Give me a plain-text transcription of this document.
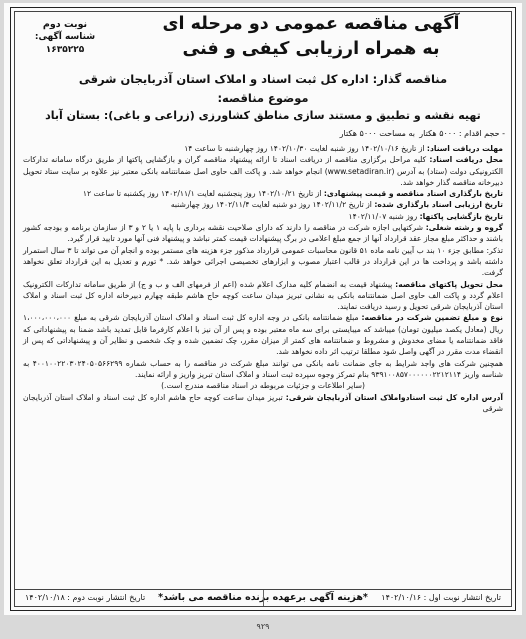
نوبت دوم
شناسه آگهی: ۱۶۳۵۲۲۵
آگهی مناقصه عمومی دو مرحله ای
به همراه ارزیابی کیفی و فنی
مناقصه گذار: اداره کل ثبت اسناد و املاک استان آذربایجان شرقی
موضوع مناقصه:
تهیه نقشه و تطبیق و مستند سازی مناطق کشاورزی (زراعی و باغی): بستان آباد
- حجم اقدام : ۵۰۰۰ هکتار
به مساحت ۵۰۰۰ هکتار

مهلت دریافت اسناد: از تاریخ ۱۴۰۲/۱۰/۱۶ روز شنبه لغایت ۱۴۰۲/۱۰/۳۰ روز چهارشنبه تا ساعت ۱۴

محل دریافت اسناد: کلیه مراحل برگزاری مناقصه از دریافت اسناد تا ارائه پیشنهاد مناقصه گران و بازگشایی پاکتها از طریق درگاه سامانه تدارکات الکترونیکی دولت (ستاد) به آدرس (www.setadiran.ir) انجام خواهد شد. و پاکت الف حاوی اصل ضمانتنامه بانکی معتبر نیز علاوه بر سایت ستاد تحویل دبیرخانه مناقصه گذار خواهد شد.

تاریخ بارگذاری اسناد مناقصه و قیمت پیشنهادی: از تاریخ ۱۴۰۲/۱۰/۲۱ روز پنجشنبه لغایت ۱۴۰۲/۱۱/۱ روز یکشنبه تا ساعت ۱۲

تاریخ ارزیابی اسناد بارگذاری شده: از تاریخ ۱۴۰۲/۱۱/۲ روز دو شنبه لغایت ۱۴۰۲/۱۱/۴ روز چهارشنبه

تاریخ بازگشایی پاکتها: روز شنبه ۱۴۰۲/۱۱/۰۷

گروه و رشته شغلی: شرکتهایی اجازه شرکت در مناقصه را دارند که دارای صلاحیت نقشه برداری با پایه ۱ یا ۲ و ۳ از سازمان برنامه و بودجه کشور باشند و حداکثر مبلغ مجاز عقد قرارداد آنها از جمع مبلغ اعلامی در برگ پیشنهادات قیمت کمتر نباشد و پیشنهاد فنی آنها مورد تایید قرار گیرد.

تذکر: مطابق جزء ۱۰ بند ب آیین نامه ماده ۵۱ قانون محاسبات عمومی قرارداد مذکور جزء هزینه های مستمر بوده و انجام آن می تواند تا ۳ سال استمرار داشته باشد و پرداخت ها در این قرارداد در قالب اعتبار مصوب و ابزارهای تخصیصی اجرائی خواهد شد. * تورم و تعدیل به این قرارداد تعلق نخواهد گرفت.

محل تحویل پاکتهای مناقصه: پیشنهاد قیمت به انضمام کلیه مدارک اعلام شده (اعم از فرمهای الف و ب و ج) از طریق سامانه تدارکات الکترونیک اعلام گردد و پاکت الف حاوی اصل ضمانتنامه بانکی به نشانی تبریز میدان ساعت کوچه حاج هاشم طبقه چهارم دبیرخانه اداره کل ثبت اسناد و املاک استان آذربایجان شرقی تحویل و رسید دریافت نمایند.

نوع و مبلغ تضمین شرکت در مناقصه: مبلغ ضمانتنامه بانکی در وجه اداره کل ثبت اسناد و املاک استان آذربایجان شرقی به مبلغ ۱،۰۰۰،۰۰۰،۰۰۰ ریال (معادل یکصد میلیون تومان) میباشد که میبایستی برای سه ماه معتبر بوده و پس از آن نیز با اعلام کارفرما قابل تمدید باشد ضمنا به پیشنهاداتی که فاقد ضمانتنامه یا مضای مخدوش و مشروط و ضمانتنامه های کمتر از میزان مقرر، چک تضمین شده و چک شخصی و نظایر آن و پیشنهاداتی که پس از انقضاء مدت مقرر در آگهی واصل شود مطلقا ترتیب اثر داده نخواهد شد.

همچنین شرکت های واجد شرایط به جای ضمانت نامه بانکی می توانند مبلغ شرکت در مناقصه را به حساب شماره ۴۰۰۱۰۰۲۲۰۳۰۲۴۰۵۰۵۶۶۲۹۹ به شناسه واریز ۹۳۹۱۰۰۸۵۷۰۰۰۰۰۰۲۲۱۲۱۱۴ بنام تمرکز وجوه سپرده ثبت اسناد و املاک استان تبریز واریز و ارائه نمایند.

(سایر اطلاعات و جزئیات مربوطه در اسناد مناقصه مندرج است.)

آدرس اداره کل ثبت اسنادواملاک استان آذربایجان شرقی: تبریز میدان ساعت کوچه حاج هاشم اداره کل ثبت اسناد و املاک استان آذربایجان شرقی

*هزینه آگهی برعهده برنده مناقصه می باشد*	تاریخ انتشار نوبت اول : ۱۴۰۲/۱۰/۱۶
تاریخ انتشار نوبت دوم : ۱۴۰۲/۱۰/۱۸
۹۲۹
